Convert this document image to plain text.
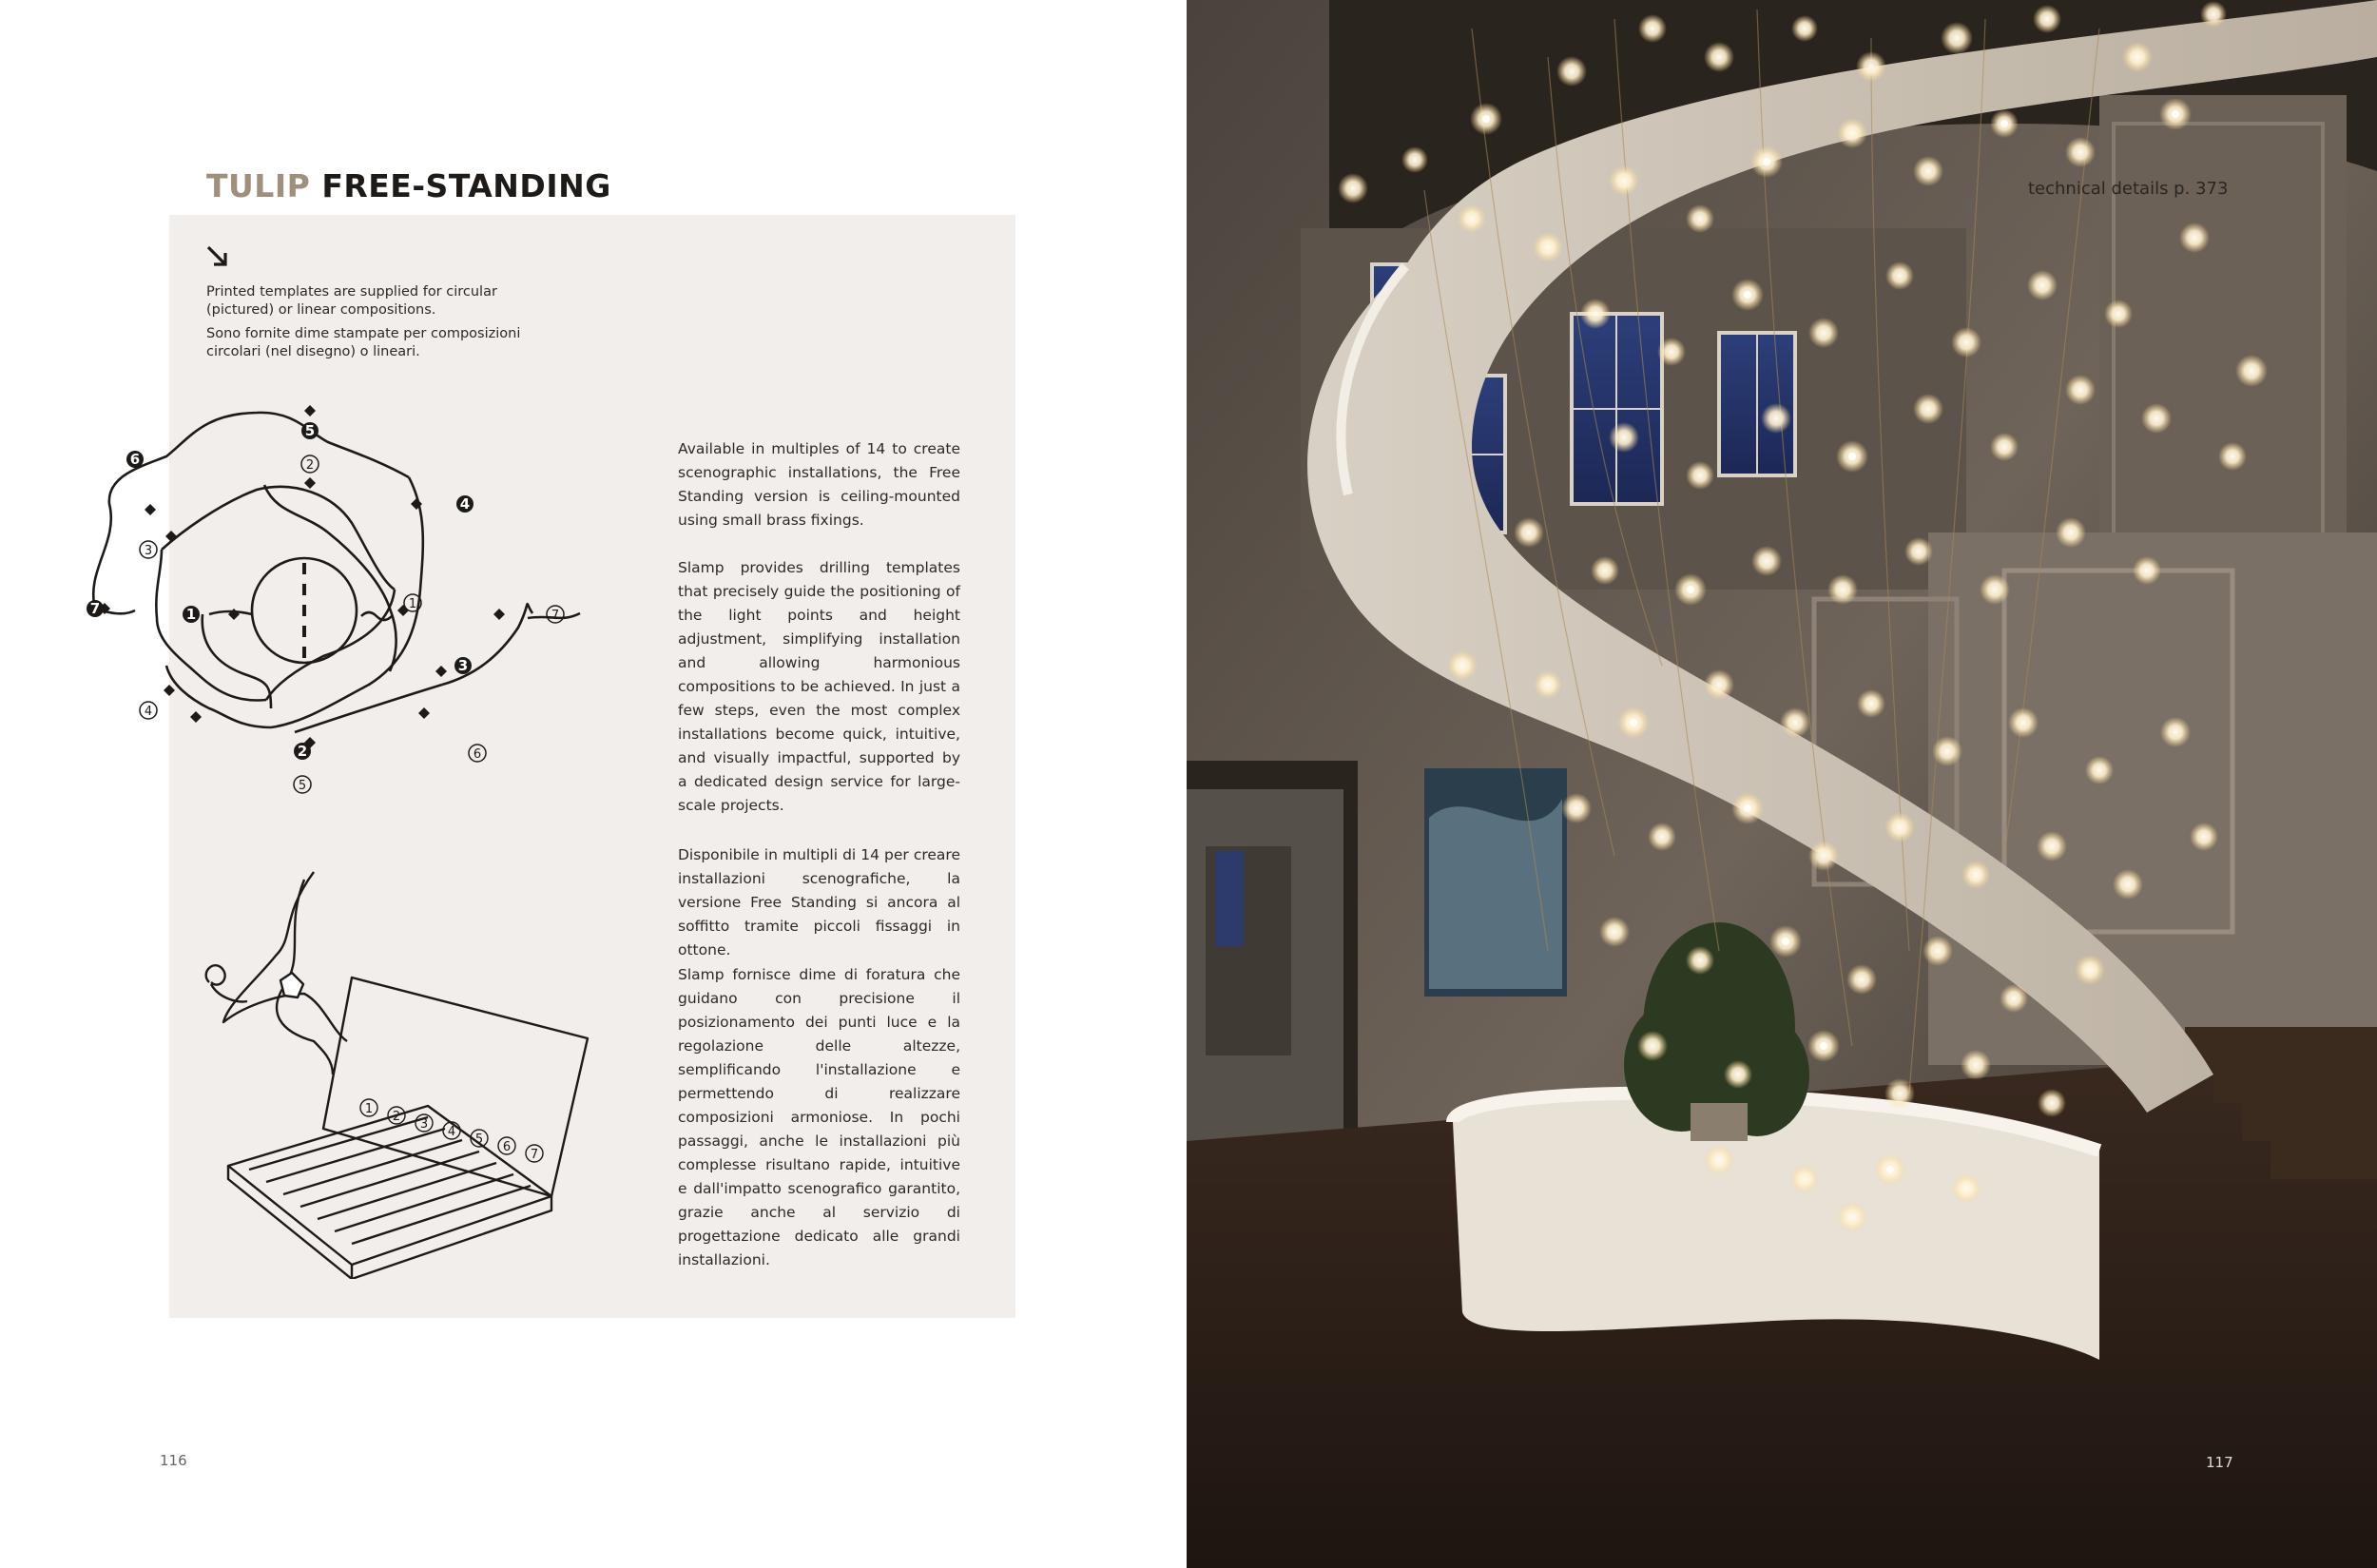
TULIP FREE-STANDING
Printed templates are supplied for circular (pictured) or linear compositions.
Sono fornite dime stampate per composizioni circolari (nel disegno) o lineari.
Available in multiples of 14 to create scenographic installations, the Free Standing version is ceiling-mounted using small brass fixings.
Slamp provides drilling templates that precisely guide the positioning of the light points and height adjustment, simplifying installation and allowing harmonious compositions to be achieved. In just a few steps, even the most complex installations become quick, intuitive, and visually impactful, supported by a dedicated design service for large-scale projects.
Disponibile in multipli di 14 per creare installazioni scenografiche, la versione Free Standing si ancora al soffitto tramite piccoli fissaggi in ottone.
Slamp fornisce dime di foratura che guidano con precisione il posizionamento dei punti luce e la regolazione delle altezze, semplificando l'installazione e permettendo di realizzare composizioni armoniose. In pochi passaggi, anche le installazioni più complesse risultano rapide, intuitive e dall'impatto scenografico garantito, grazie anche al servizio di progettazione dedicato alle grandi installazioni.
5
6
4
1
3
2
7
2
3
1
4
5
6
7
1
2
3
4
5
6
7
116
technical details p. 373
117
